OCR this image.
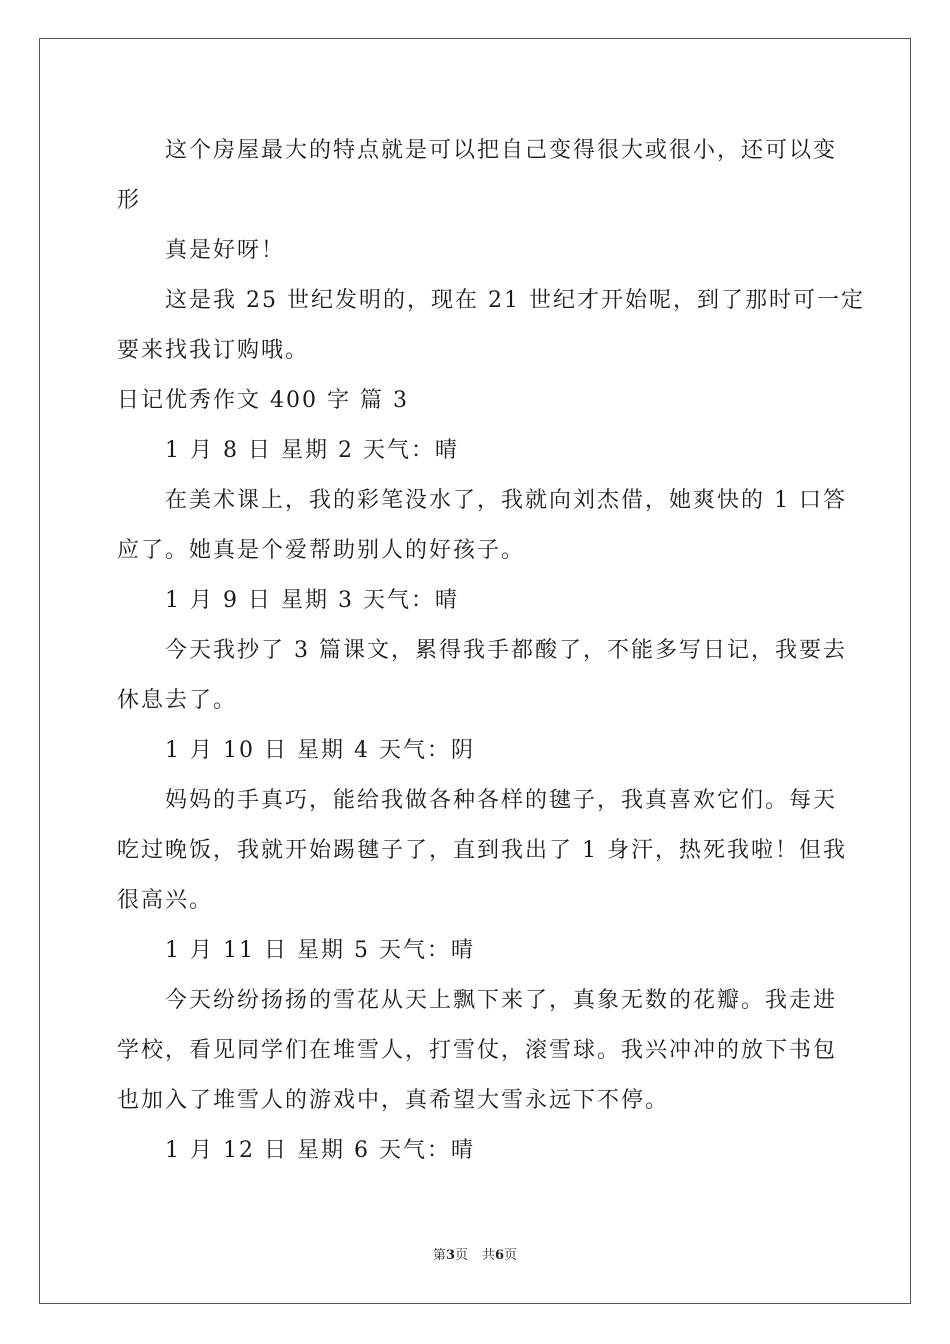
这个房屋最大的特点就是可以把自己变得很大或很小，还可以变
形
真是好呀！
这是我 25 世纪发明的，现在 21 世纪才开始呢，到了那时可一定
要来找我订购哦。
日记优秀作文 400 字 篇 3
1 月 8 日 星期 2 天气：晴
在美术课上，我的彩笔没水了，我就向刘杰借，她爽快的 1 口答
应了。她真是个爱帮助别人的好孩子。
1 月 9 日 星期 3 天气：晴
今天我抄了 3 篇课文，累得我手都酸了，不能多写日记，我要去
休息去了。
1 月 10 日 星期 4 天气：阴
妈妈的手真巧，能给我做各种各样的毽子，我真喜欢它们。每天
吃过晚饭，我就开始踢毽子了，直到我出了 1 身汗，热死我啦！但我
很高兴。
1 月 11 日 星期 5 天气：晴
今天纷纷扬扬的雪花从天上飘下来了，真象无数的花瓣。我走进
学校，看见同学们在堆雪人，打雪仗，滚雪球。我兴冲冲的放下书包
也加入了堆雪人的游戏中，真希望大雪永远下不停。
1 月 12 日 星期 6 天气：晴
第3页 共6页
